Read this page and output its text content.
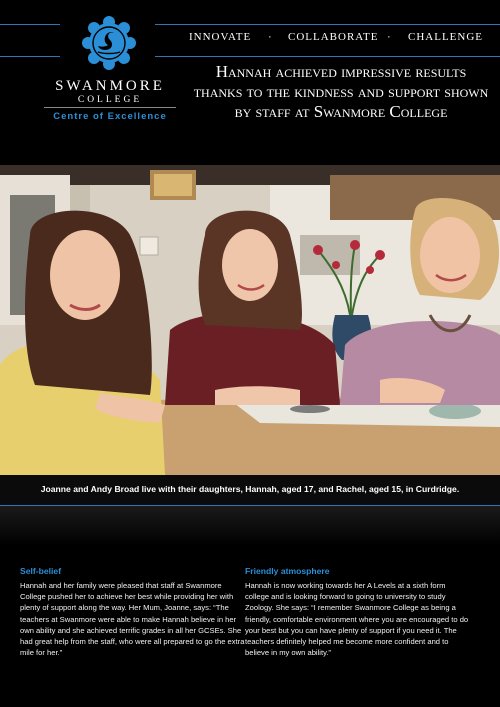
SWANMORE
COLLEGE
Centre of Excellence
INNOVATE · COLLABORATE · CHALLENGE
Hannah achieved impressive results thanks to the kindness and support shown by staff at Swanmore College
Joanne and Andy Broad live with their daughters, Hannah, aged 17, and Rachel, aged 15, in Curdridge.
Self-belief

Hannah and her family were pleased that staff at Swanmore College pushed her to achieve her best while providing her with plenty of support along the way. Her Mum, Joanne, says: “The teachers at Swanmore were able to make Hannah believe in her own ability and she achieved terrific grades in all her GCSEs. She had great help from the staff, who were all prepared to go the extra mile for her.”

Friendly atmosphere

Hannah is now working towards her A Levels at a sixth form college and is looking forward to going to university to study Zoology. She says: “I remember Swanmore College as being a friendly, comfortable environment where you are encouraged to do your best but you can have plenty of support if you need it. The teachers definitely helped me become more confident and to believe in my own ability.”
